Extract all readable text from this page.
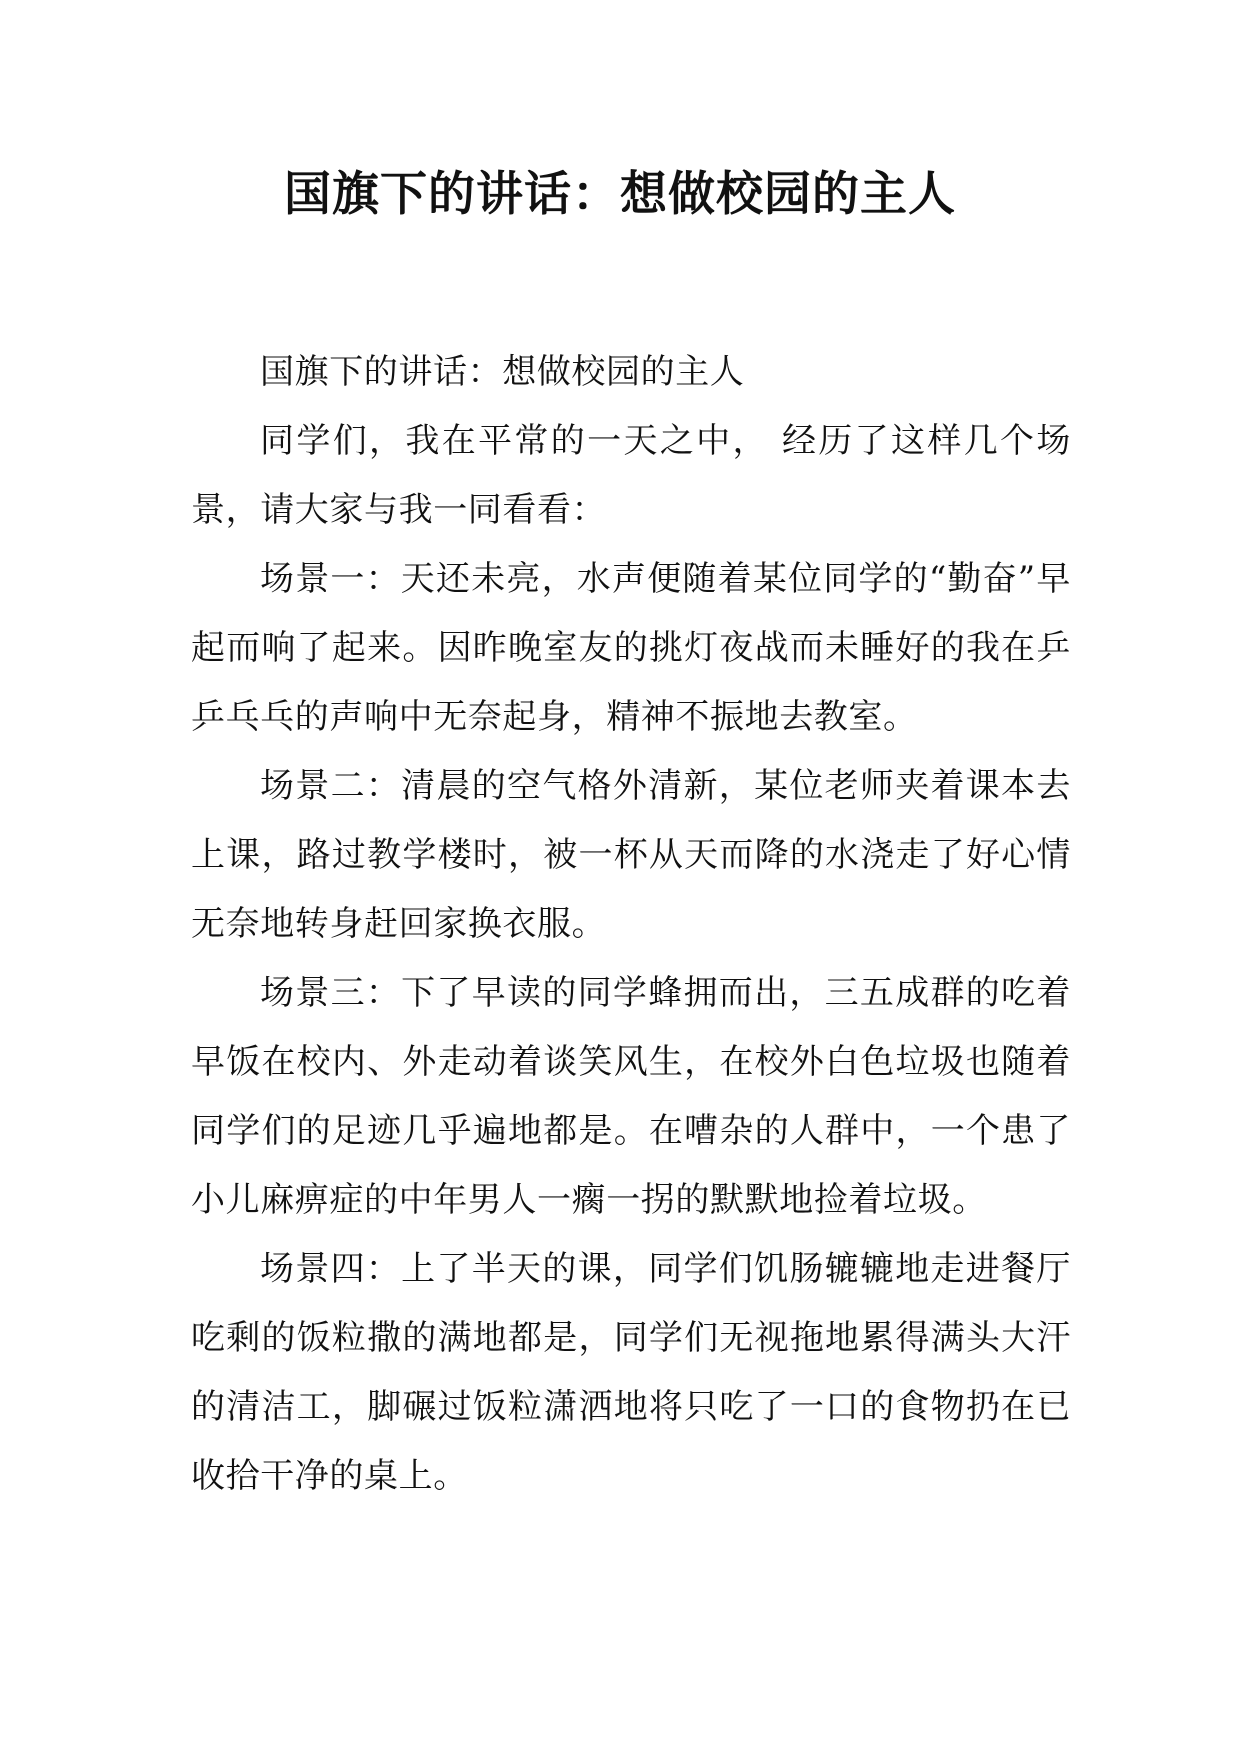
国旗下的讲话：想做校园的主人

国旗下的讲话：想做校园的主人

同学们，我在平常的一天之中， 经历了这样几个场景，请大家与我一同看看：

场景一：天还未亮，水声便随着某位同学的“勤奋”早起而响了起来。因昨晚室友的挑灯夜战而未睡好的我在乒乒乓乓的声响中无奈起身，精神不振地去教室。

场景二：清晨的空气格外清新，某位老师夹着课本去上课，路过教学楼时，被一杯从天而降的水浇走了好心情无奈地转身赶回家换衣服。

场景三：下了早读的同学蜂拥而出，三五成群的吃着早饭在校内、外走动着谈笑风生，在校外白色垃圾也随着同学们的足迹几乎遍地都是。在嘈杂的人群中，一个患了小儿麻痹症的中年男人一瘸一拐的默默地捡着垃圾。

场景四：上了半天的课，同学们饥肠辘辘地走进餐厅吃剩的饭粒撒的满地都是，同学们无视拖地累得满头大汗的清洁工，脚碾过饭粒潇洒地将只吃了一口的食物扔在已收拾干净的桌上。
